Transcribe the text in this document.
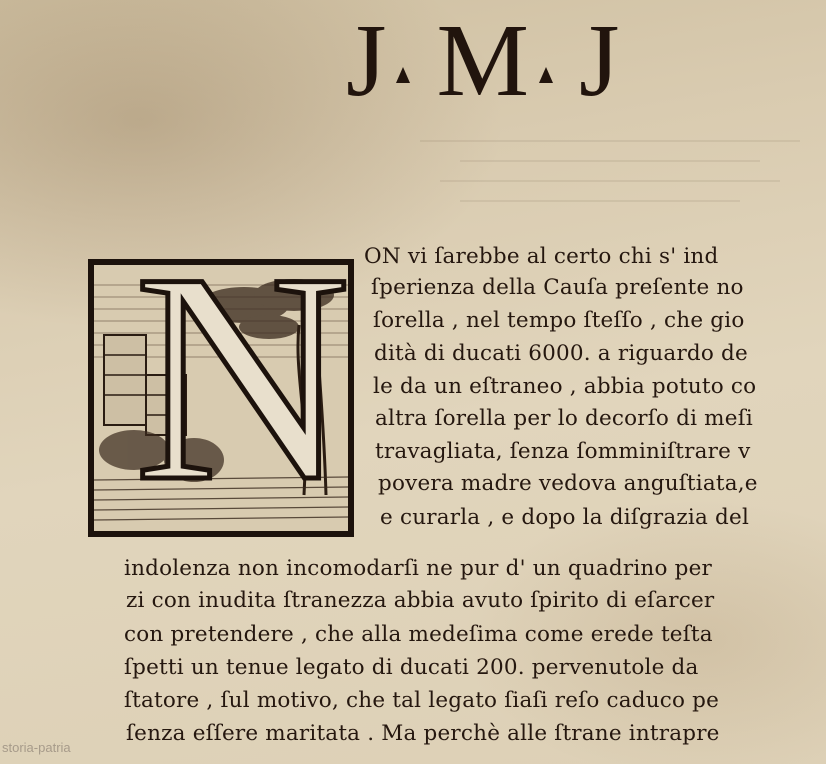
J M J
N ON vi ſarebbe al certo chi s' ind
ſperienza della Cauſa preſente no
ſorella , nel tempo ſteſſo , che gio
dità di ducati 6000. a riguardo de
le da un eſtraneo , abbia potuto co
altra ſorella per lo decorſo di meſi
travagliata, ſenza ſomminiſtrare v
povera madre vedova anguſtiata,e
e curarla , e dopo la diſgrazia del
indolenza non incomodarſi ne pur d' un quadrino per
zi con inudita ſtranezza abbia avuto ſpirito di eſarcer
con pretendere , che alla medeſima come erede teſta
ſpetti un tenue legato di ducati 200. pervenutole da
ſtatore , ſul motivo, che tal legato ſiaſi reſo caduco pe
ſenza eſſere maritata . Ma perchè alle ſtrane intrapre
storia-patria
